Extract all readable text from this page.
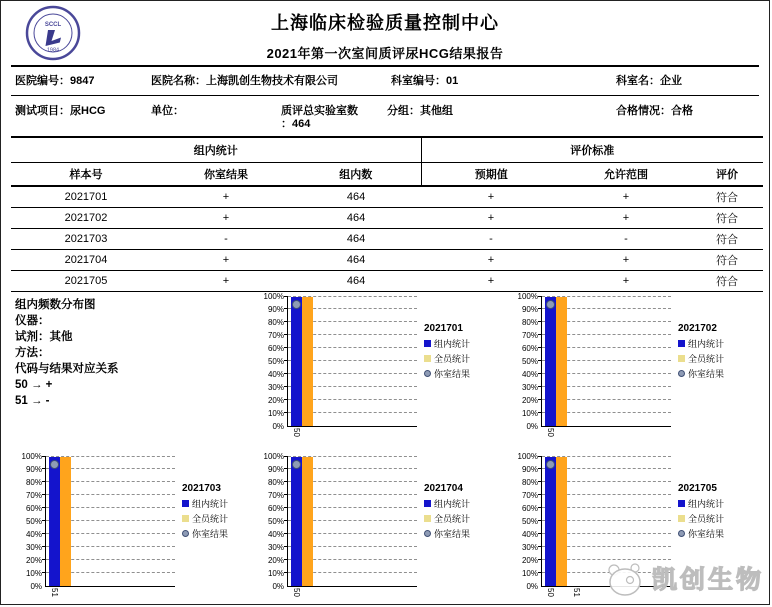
SCCL
1984
上海临床检验质量控制中心
2021年第一次室间质评尿HCG结果报告
医院编号：9847	医院名称：上海凯创生物技术有限公司	科室编号：01	科室名：企业
测试项目：尿HCG	单位：	质评总实验室数：464
分组：其他组	合格情况：合格
组内统计			评价标准		
样本号	你室结果	组内数	预期值	允许范围	评价
2021701	+	464	+	+	符合
2021702	+	464	+	+	符合
2021703	-	464	-	-	符合
2021704	+	464	+	+	符合
2021705	+	464	+	+	符合
组内频数分布图
仪器：
试剂：其他
方法：
代码与结果对应关系
50 → +
51 → -
0%
10%
20%
30%
40%
50%
60%
70%
80%
90%
100%
50
2021701
组内统计
全员统计
你室结果
0%
10%
20%
30%
40%
50%
60%
70%
80%
90%
100%
50
2021702
组内统计
全员统计
你室结果
0%
10%
20%
30%
40%
50%
60%
70%
80%
90%
100%
51
2021703
组内统计
全员统计
你室结果
0%
10%
20%
30%
40%
50%
60%
70%
80%
90%
100%
50
2021704
组内统计
全员统计
你室结果
0%
10%
20%
30%
40%
50%
60%
70%
80%
90%
100%
50 51
2021705
组内统计
全员统计
你室结果
凯创生物
